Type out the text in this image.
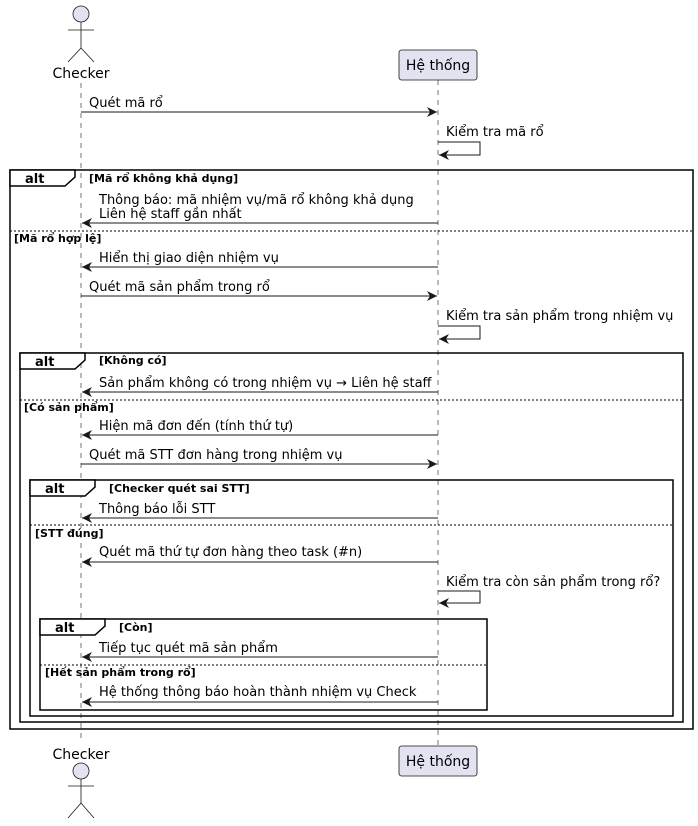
Checker	Hệ thống
Quét mã rổ
Kiểm tra mã rổ
alt	[Mã rổ không khả dụng]
[Mã rổ hợp lệ]
Thông báo: mã nhiệm vụ/mã rổ không khả dụng
Liên hệ staff gần nhất
Hiển thị giao diện nhiệm vụ
Quét mã sản phẩm trong rổ
Kiểm tra sản phẩm trong nhiệm vụ
alt	[Không có]
[Có sản phẩm]
Sản phẩm không có trong nhiệm vụ → Liên hệ staff
Hiện mã đơn đến (tính thứ tự)
Quét mã STT đơn hàng trong nhiệm vụ
alt	[Checker quét sai STT]
[STT đúng]
Thông báo lỗi STT
Quét mã thứ tự đơn hàng theo task (#n)
Kiểm tra còn sản phẩm trong rổ?
alt	[Còn]
[Hết sản phẩm trong rổ]
Tiếp tục quét mã sản phẩm
Hệ thống thông báo hoàn thành nhiệm vụ Check
Checker	Hệ thống
